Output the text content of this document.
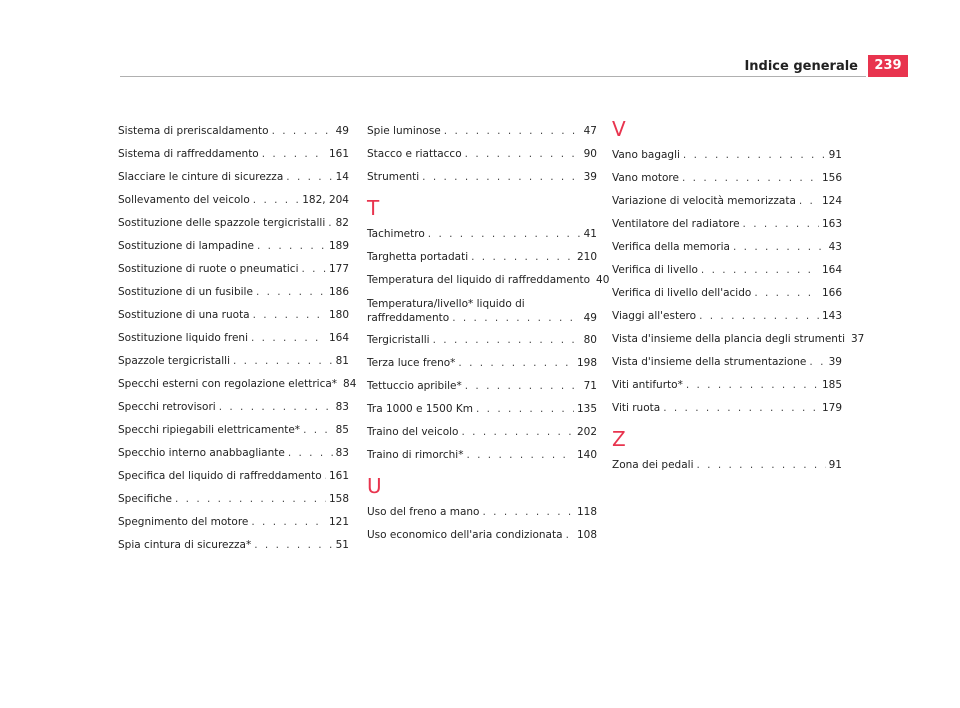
Indice generale	239
Sistema di preriscaldamento . . .	49
Sistema di raffreddamento . . .	161
Slacciare le cinture di sicurezza . . .	14
Sollevamento del veicolo . . .	182, 204
Sostituzione delle spazzole tergicristalli . . . 82
Sostituzione di lampadine . . .	189
Sostituzione di ruote o pneumatici . . .	177
Sostituzione di un fusibile . . .	186
Sostituzione di una ruota . . .	180
Sostituzione liquido freni . . .	164
Spazzole tergicristalli . . .	81
Specchi esterni con regolazione elettrica* 84
Specchi retrovisori . . .	83
Specchi ripiegabili elettricamente* . . .	85
Specchio interno anabbagliante . . .	83
Specifica del liquido di raffreddamento . . . 161
Specifiche . . .	158
Spegnimento del motore . . .	121
Spia cintura di sicurezza* . . .	51
Spie luminose . . .	47
Stacco e riattacco . . .	90
Strumenti . . .	39
T
Tachimetro . . .	41
Targhetta portadati . . .	210
Temperatura del liquido di raffreddamento 40
Temperatura/livello* liquido di
raffreddamento . . .	49
Tergicristalli . . .	80
Terza luce freno* . . .	198
Tettuccio apribile* . . .	71
Tra 1000 e 1500 Km . . .	135
Traino del veicolo . . .	202
Traino di rimorchi* . . .	140
U
Uso del freno a mano . . .	118
Uso economico dell'aria condizionata . . . 108
V
Vano bagagli . . .	91
Vano motore . . .	156
Variazione di velocità memorizzata . . . 124
Ventilatore del radiatore . . .	163
Verifica della memoria . . .	43
Verifica di livello . . .	164
Verifica di livello dell'acido . . .	166
Viaggi all'estero . . .	143
Vista d'insieme della plancia degli strumenti 37
Vista d'insieme della strumentazione . . . 39
Viti antifurto* . . .	185
Viti ruota . . .	179
Z
Zona dei pedali . . .	91
